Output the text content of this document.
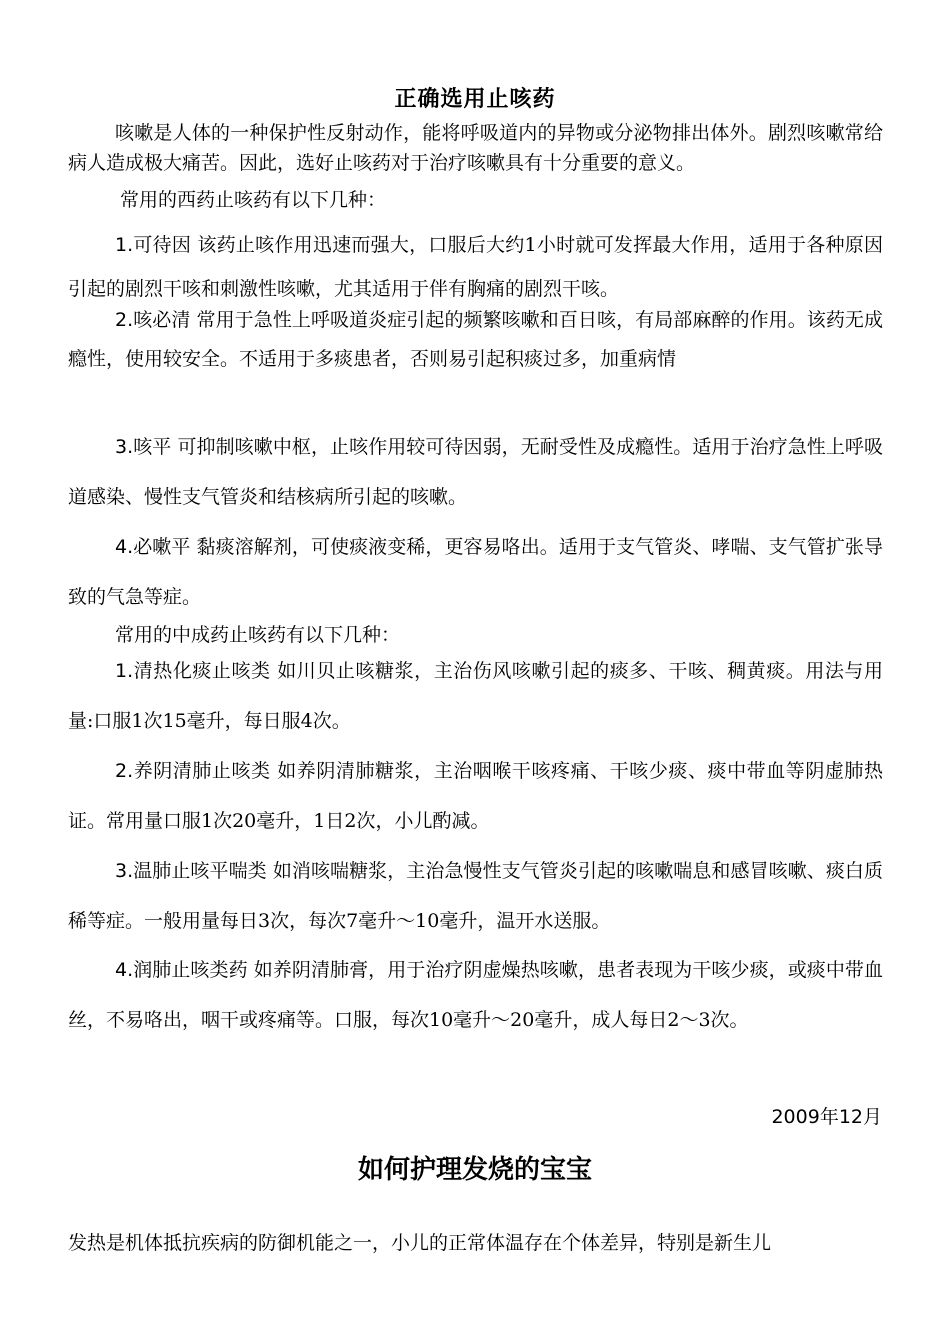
正确选用止咳药
咳嗽是人体的一种保护性反射动作，能将呼吸道内的异物或分泌物排出体外。剧烈咳嗽常给病人造成极大痛苦。因此，选好止咳药对于治疗咳嗽具有十分重要的意义。
常用的西药止咳药有以下几种：
1.可待因 该药止咳作用迅速而强大，口服后大约1小时就可发挥最大作用，适用于各种原因引起的剧烈干咳和刺激性咳嗽，尤其适用于伴有胸痛的剧烈干咳。
2.咳必清 常用于急性上呼吸道炎症引起的频繁咳嗽和百日咳，有局部麻醉的作用。该药无成瘾性，使用较安全。不适用于多痰患者，否则易引起积痰过多，加重病情
3.咳平 可抑制咳嗽中枢，止咳作用较可待因弱，无耐受性及成瘾性。适用于治疗急性上呼吸道感染、慢性支气管炎和结核病所引起的咳嗽。
4.必嗽平 黏痰溶解剂，可使痰液变稀，更容易咯出。适用于支气管炎、哮喘、支气管扩张导致的气急等症。
常用的中成药止咳药有以下几种：
1.清热化痰止咳类 如川贝止咳糖浆，主治伤风咳嗽引起的痰多、干咳、稠黄痰。用法与用量:口服1次15毫升，每日服4次。
2.养阴清肺止咳类 如养阴清肺糖浆，主治咽喉干咳疼痛、干咳少痰、痰中带血等阴虚肺热证。常用量口服1次20毫升，1日2次，小儿酌减。
3.温肺止咳平喘类 如消咳喘糖浆，主治急慢性支气管炎引起的咳嗽喘息和感冒咳嗽、痰白质稀等症。一般用量每日3次，每次7毫升～10毫升，温开水送服。
4.润肺止咳类药 如养阴清肺膏，用于治疗阴虚燥热咳嗽，患者表现为干咳少痰，或痰中带血丝，不易咯出，咽干或疼痛等。口服，每次10毫升～20毫升，成人每日2～3次。
2009年12月
如何护理发烧的宝宝
发热是机体抵抗疾病的防御机能之一，小儿的正常体温存在个体差异，特别是新生儿
